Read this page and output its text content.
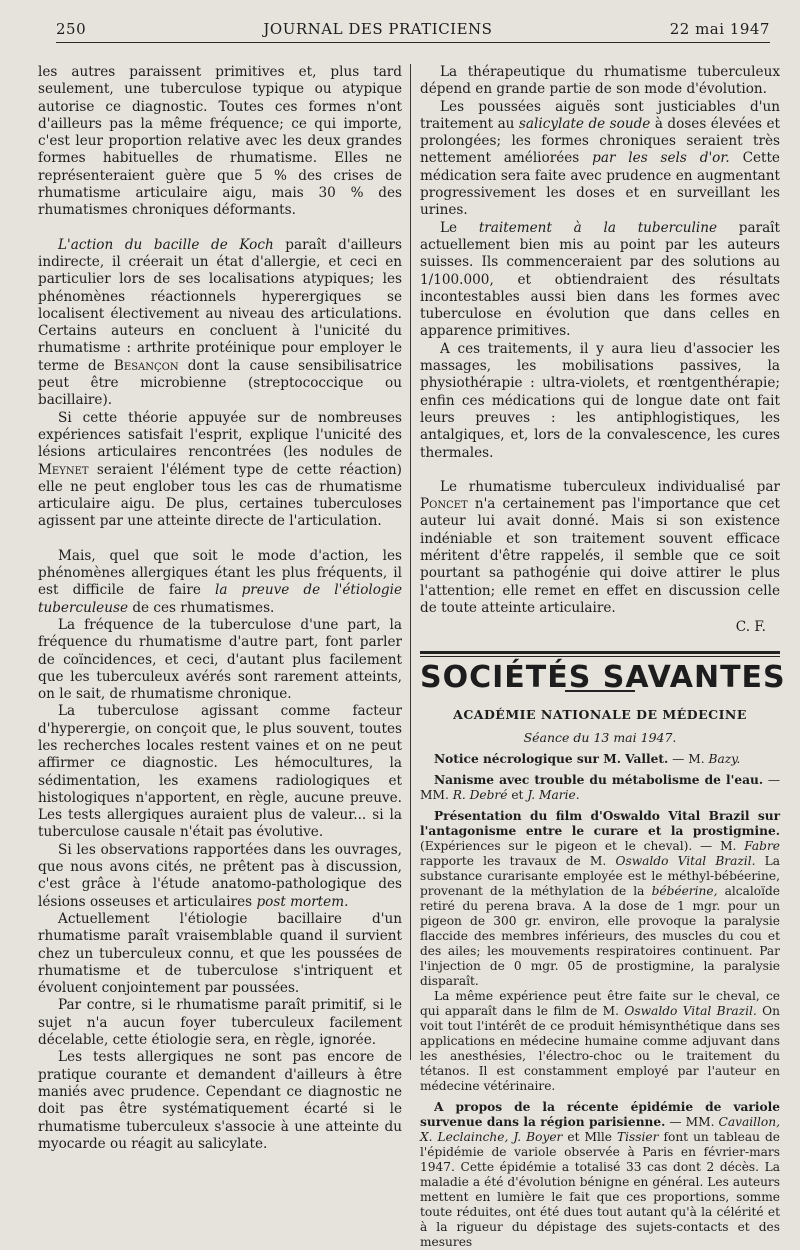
250	JOURNAL DES PRATICIENS	22 mai 1947

les autres paraissent primitives et, plus tard seulement, une tuberculose typique ou atypique autorise ce diagnostic. Toutes ces formes n'ont d'ailleurs pas la même fréquence; ce qui importe, c'est leur proportion relative avec les deux grandes formes habituelles de rhumatisme. Elles ne représenteraient guère que 5 % des crises de rhumatisme articulaire aigu, mais 30 % des rhumatismes chroniques déformants.

L'action du bacille de Koch paraît d'ailleurs indirecte, il créerait un état d'allergie, et ceci en particulier lors de ses localisations atypiques; les phénomènes réactionnels hyperergiques se localisent électivement au niveau des articulations. Certains auteurs en concluent à l'unicité du rhumatisme : arthrite protéinique pour employer le terme de Besançon dont la cause sensibilisatrice peut être microbienne (streptococcique ou bacillaire).

Si cette théorie appuyée sur de nombreuses expériences satisfait l'esprit, explique l'unicité des lésions articulaires rencontrées (les nodules de Meynet seraient l'élément type de cette réaction) elle ne peut englober tous les cas de rhumatisme articulaire aigu. De plus, certaines tuberculoses agissent par une atteinte directe de l'articulation.

Mais, quel que soit le mode d'action, les phénomènes allergiques étant les plus fréquents, il est difficile de faire la preuve de l'étiologie tuberculeuse de ces rhumatismes.

La fréquence de la tuberculose d'une part, la fréquence du rhumatisme d'autre part, font parler de coïncidences, et ceci, d'autant plus facilement que les tuberculeux avérés sont rarement atteints, on le sait, de rhumatisme chronique.

La tuberculose agissant comme facteur d'hyperergie, on conçoit que, le plus souvent, toutes les recherches locales restent vaines et on ne peut affirmer ce diagnostic. Les hémocultures, la sédimentation, les examens radiologiques et histologiques n'apportent, en règle, aucune preuve. Les tests allergiques auraient plus de valeur... si la tuberculose causale n'était pas évolutive.

Si les observations rapportées dans les ouvrages, que nous avons cités, ne prêtent pas à discussion, c'est grâce à l'étude anatomo-pathologique des lésions osseuses et articulaires post mortem.

Actuellement l'étiologie bacillaire d'un rhumatisme paraît vraisemblable quand il survient chez un tuberculeux connu, et que les poussées de rhumatisme et de tuberculose s'intriquent et évoluent conjointement par poussées.

Par contre, si le rhumatisme paraît primitif, si le sujet n'a aucun foyer tuberculeux facilement décelable, cette étiologie sera, en règle, ignorée.

Les tests allergiques ne sont pas encore de pratique courante et demandent d'ailleurs à être maniés avec prudence. Cependant ce diagnostic ne doit pas être systématiquement écarté si le rhumatisme tuberculeux s'associe à une atteinte du myocarde ou réagit au salicylate.

La thérapeutique du rhumatisme tuberculeux dépend en grande partie de son mode d'évolution.

Les poussées aiguës sont justiciables d'un traitement au salicylate de soude à doses élevées et prolongées; les formes chroniques seraient très nettement améliorées par les sels d'or. Cette médication sera faite avec prudence en augmentant progressivement les doses et en surveillant les urines.

Le traitement à la tuberculine paraît actuellement bien mis au point par les auteurs suisses. Ils commenceraient par des solutions au 1/100.000, et obtiendraient des résultats incontestables aussi bien dans les formes avec tuberculose en évolution que dans celles en apparence primitives.

A ces traitements, il y aura lieu d'associer les massages, les mobilisations passives, la physiothérapie : ultra-violets, et rœntgenthérapie; enfin ces médications qui de longue date ont fait leurs preuves : les antiphlogistiques, les antalgiques, et, lors de la convalescence, les cures thermales.

Le rhumatisme tuberculeux individualisé par Poncet n'a certainement pas l'importance que cet auteur lui avait donné. Mais si son existence indéniable et son traitement souvent efficace méritent d'être rappelés, il semble que ce soit pourtant sa pathogénie qui doive attirer le plus l'attention; elle remet en effet en discussion celle de toute atteinte articulaire.

C. F.
SOCIÉTÉS SAVANTES
ACADÉMIE NATIONALE DE MÉDECINE
Séance du 13 mai 1947.

Notice nécrologique sur M. Vallet. — M. Bazy.

Nanisme avec trouble du métabolisme de l'eau. — MM. R. Debré et J. Marie.

Présentation du film d'Oswaldo Vital Brazil sur l'antagonisme entre le curare et la prostigmine. (Expériences sur le pigeon et le cheval). — M. Fabre rapporte les travaux de M. Oswaldo Vital Brazil. La substance curarisante employée est le méthyl-bébéerine, provenant de la méthylation de la bébéerine, alcaloïde retiré du perena brava. A la dose de 1 mgr. pour un pigeon de 300 gr. environ, elle provoque la paralysie flaccide des membres inférieurs, des muscles du cou et des ailes; les mouvements respiratoires continuent. Par l'injection de 0 mgr. 05 de prostigmine, la paralysie disparaît.

La même expérience peut être faite sur le cheval, ce qui apparaît dans le film de M. Oswaldo Vital Brazil. On voit tout l'intérêt de ce produit hémisynthétique dans ses applications en médecine humaine comme adjuvant dans les anesthésies, l'électro-choc ou le traitement du tétanos. Il est constamment employé par l'auteur en médecine vétérinaire.

A propos de la récente épidémie de variole survenue dans la région parisienne. — MM. Cavaillon, X. Leclainche, J. Boyer et Mlle Tissier font un tableau de l'épidémie de variole observée à Paris en février-mars 1947. Cette épidémie a totalisé 33 cas dont 2 décès. La maladie a été d'évolution bénigne en général. Les auteurs mettent en lumière le fait que ces proportions, somme toute réduites, ont été dues tout autant qu'à la célérité et à la rigueur du dépistage des sujets-contacts et des mesures
